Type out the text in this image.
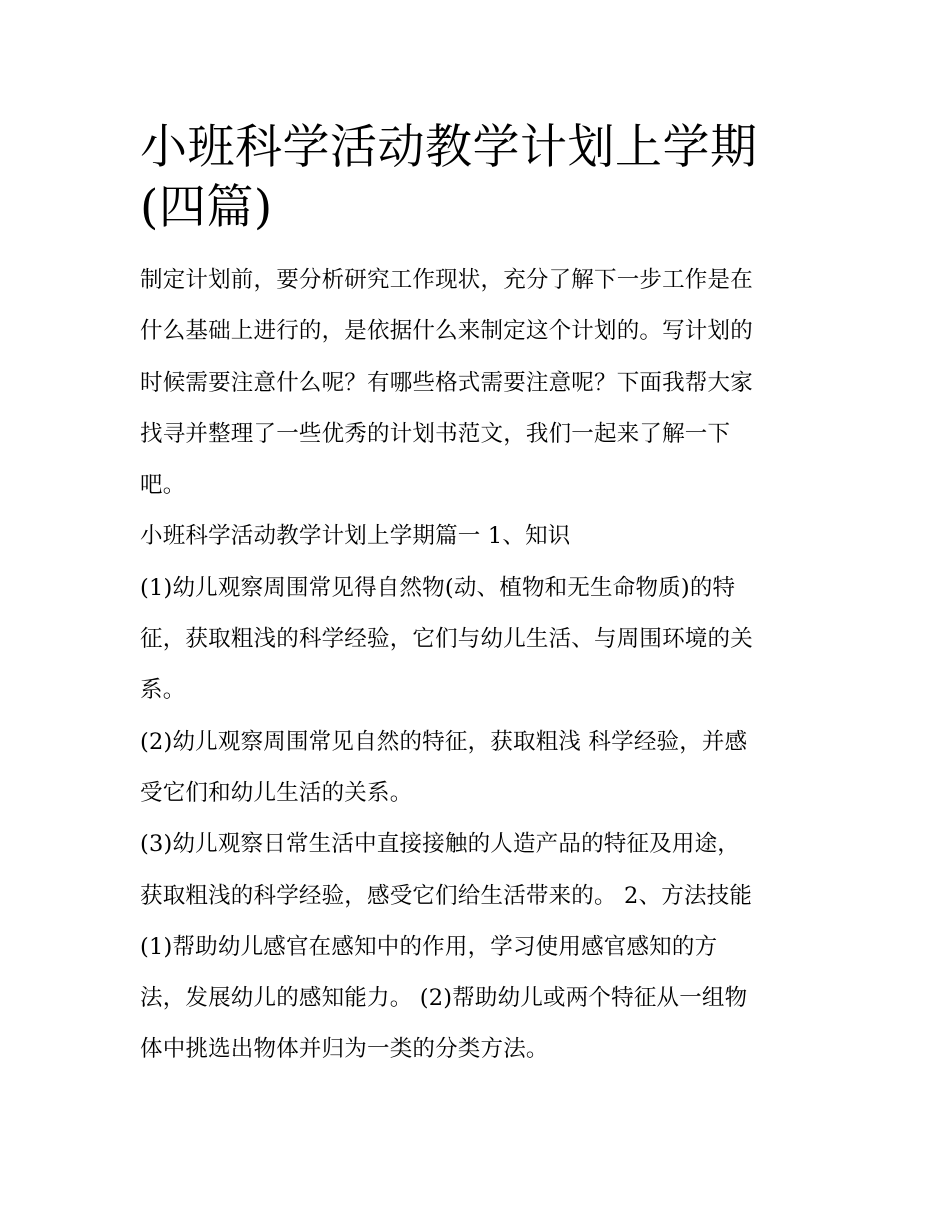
小班科学活动教学计划上学期
(四篇)
制定计划前，要分析研究工作现状，充分了解下一步工作是在
什么基础上进行的，是依据什么来制定这个计划的。写计划的
时候需要注意什么呢？有哪些格式需要注意呢？下面我帮大家
找寻并整理了一些优秀的计划书范文，我们一起来了解一下
吧。
小班科学活动教学计划上学期篇一 1、知识
(1)幼儿观察周围常见得自然物(动、植物和无生命物质)的特
征，获取粗浅的科学经验，它们与幼儿生活、与周围环境的关
系。
(2)幼儿观察周围常见自然的特征，获取粗浅 科学经验，并感
受它们和幼儿生活的关系。
(3)幼儿观察日常生活中直接接触的人造产品的特征及用途，
获取粗浅的科学经验，感受它们给生活带来的。 2、方法技能
(1)帮助幼儿感官在感知中的作用，学习使用感官感知的方
法，发展幼儿的感知能力。 (2)帮助幼儿或两个特征从一组物
体中挑选出物体并归为一类的分类方法。
